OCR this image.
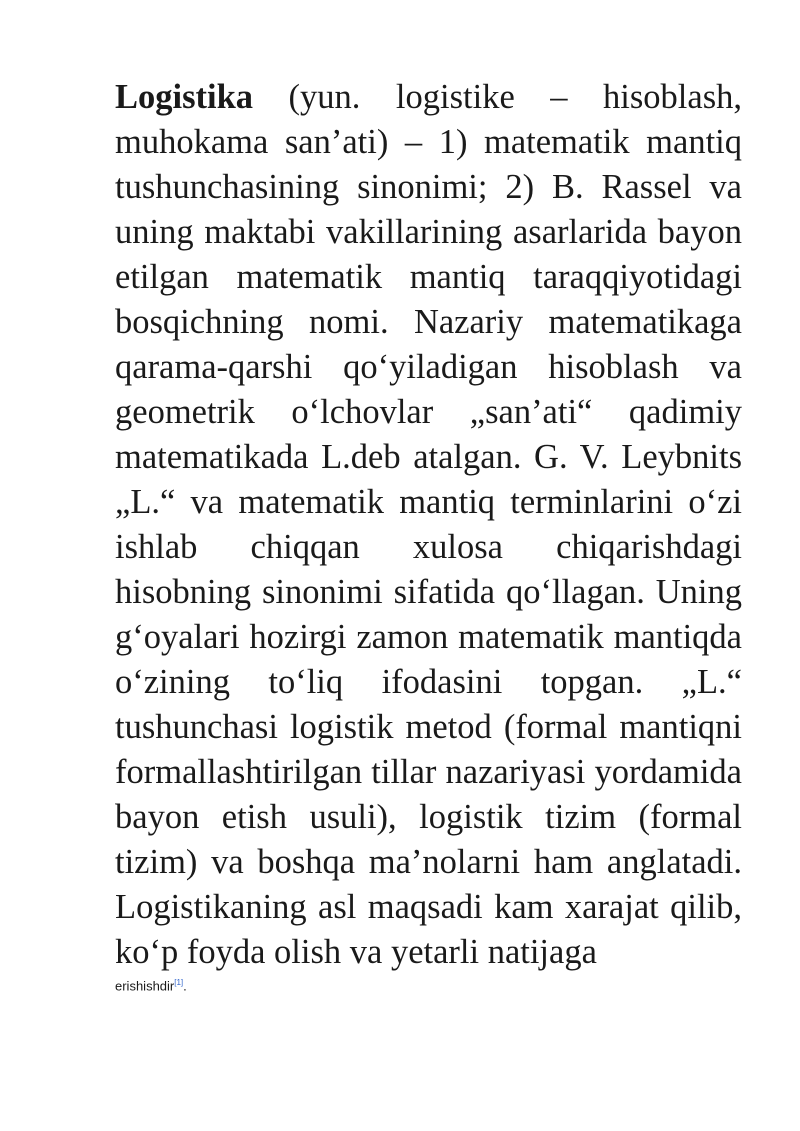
Logistika (yun. logistike – hisoblash, muhokama san’ati) – 1) matematik mantiq tushunchasining sinonimi; 2) B. Rassel va uning maktabi vakillarining asarlarida bayon etilgan matematik mantiq taraqqiyotidagi bosqichning nomi. Nazariy matematikaga qarama-qarshi qo‘yiladigan hisoblash va geometrik o‘lchovlar „san’ati“ qadimiy matematikada L.deb atalgan. G. V. Leybnits „L.“ va matematik mantiq terminlarini o‘zi ishlab chiqqan xulosa chiqarishdagi hisobning sinonimi sifatida qo‘llagan. Uning g‘oyalari hozirgi zamon matematik mantiqda o‘zining to‘liq ifodasini topgan. „L.“ tushunchasi logistik metod (formal mantiqni formallashtirilgan tillar nazariyasi yordamida bayon etish usuli), logistik tizim (formal tizim) va boshqa ma’nolarni ham anglatadi. Logistikaning asl maqsadi kam xarajat qilib, ko‘p foyda olish va yetarli natijaga

erishishdir[1].
